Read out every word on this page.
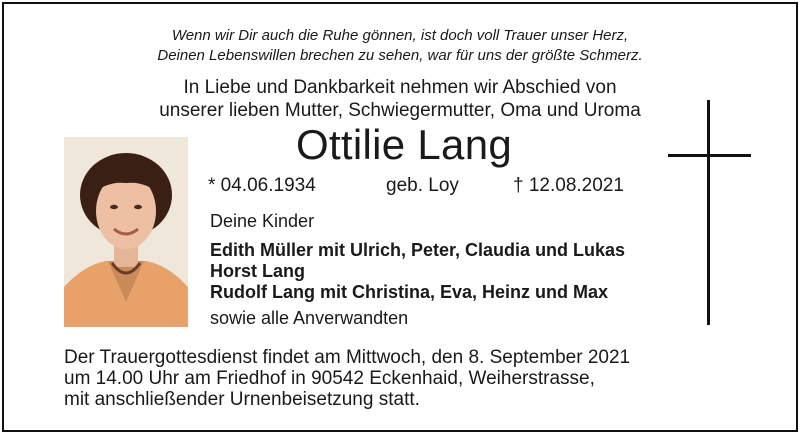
Wenn wir Dir auch die Ruhe gönnen, ist doch voll Trauer unser Herz,
Deinen Lebenswillen brechen zu sehen, war für uns der größte Schmerz.
In Liebe und Dankbarkeit nehmen wir Abschied von
unserer lieben Mutter, Schwiegermutter, Oma und Uroma
Ottilie Lang
* 04.06.1934	geb. Loy	† 12.08.2021
Deine Kinder
Edith Müller mit Ulrich, Peter, Claudia und Lukas
Horst Lang
Rudolf Lang mit Christina, Eva, Heinz und Max
sowie alle Anverwandten
Der Trauergottesdienst findet am Mittwoch, den 8. September 2021
um 14.00 Uhr am Friedhof in 90542 Eckenhaid, Weiherstrasse,
mit anschließender Urnenbeisetzung statt.
